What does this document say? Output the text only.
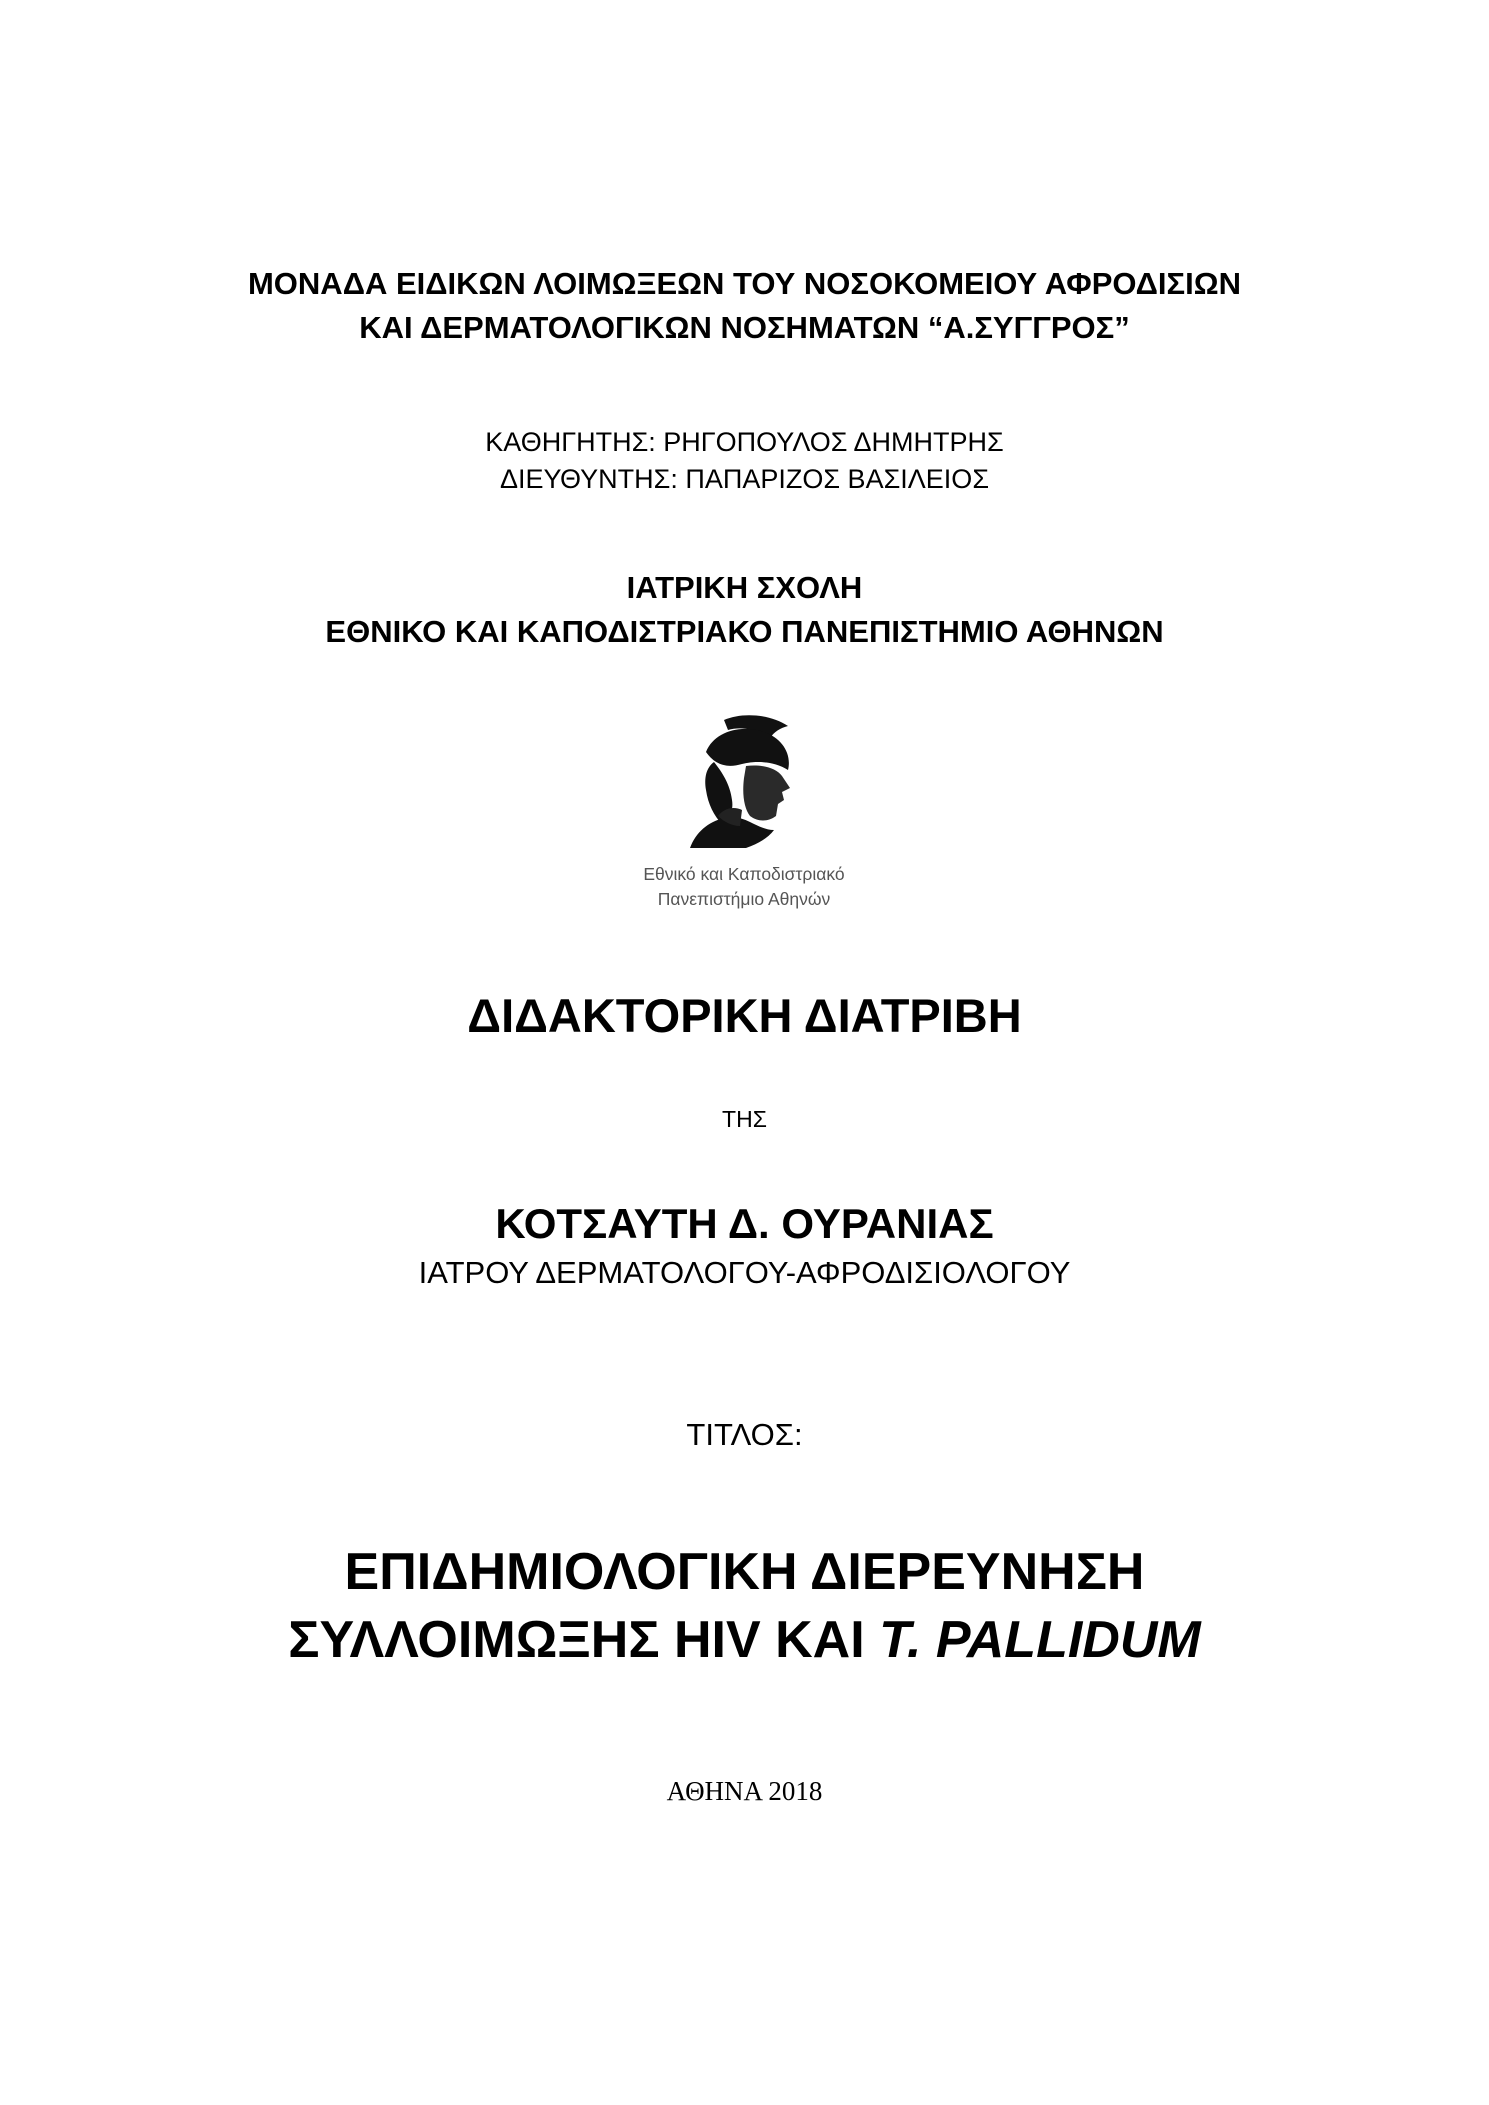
ΜΟΝΑΔΑ ΕΙΔΙΚΩΝ ΛΟΙΜΩΞΕΩΝ ΤΟΥ ΝΟΣΟΚΟΜΕΙΟΥ ΑΦΡΟΔΙΣΙΩΝ
ΚΑΙ ΔΕΡΜΑΤΟΛΟΓΙΚΩΝ ΝΟΣΗΜΑΤΩΝ “Α.ΣΥΓΓΡΟΣ”
ΚΑΘΗΓΗΤΗΣ: ΡΗΓΟΠΟΥΛΟΣ ΔΗΜΗΤΡΗΣ
ΔΙΕΥΘΥΝΤΗΣ: ΠΑΠΑΡΙΖΟΣ ΒΑΣΙΛΕΙΟΣ
ΙΑΤΡΙΚΗ ΣΧΟΛΗ
ΕΘΝΙΚΟ ΚΑΙ ΚΑΠΟΔΙΣΤΡΙΑΚΟ ΠΑΝΕΠΙΣΤΗΜΙΟ ΑΘΗΝΩΝ
Εθνικό και Καποδιστριακό
Πανεπιστήμιο Αθηνών
ΔΙΔΑΚΤΟΡΙΚΗ ΔΙΑΤΡΙΒΗ
ΤΗΣ
ΚΟΤΣΑΥΤΗ Δ. ΟΥΡΑΝΙΑΣ
ΙΑΤΡΟΥ ΔΕΡΜΑΤΟΛΟΓΟΥ-ΑΦΡΟΔΙΣΙΟΛΟΓΟΥ
ΤΙΤΛΟΣ:
ΕΠΙΔΗΜΙΟΛΟΓΙΚΗ ΔΙΕΡΕΥΝΗΣΗ
ΣΥΛΛΟΙΜΩΞΗΣ HIV ΚΑΙ T. PALLIDUM
ΑΘΗΝΑ 2018
